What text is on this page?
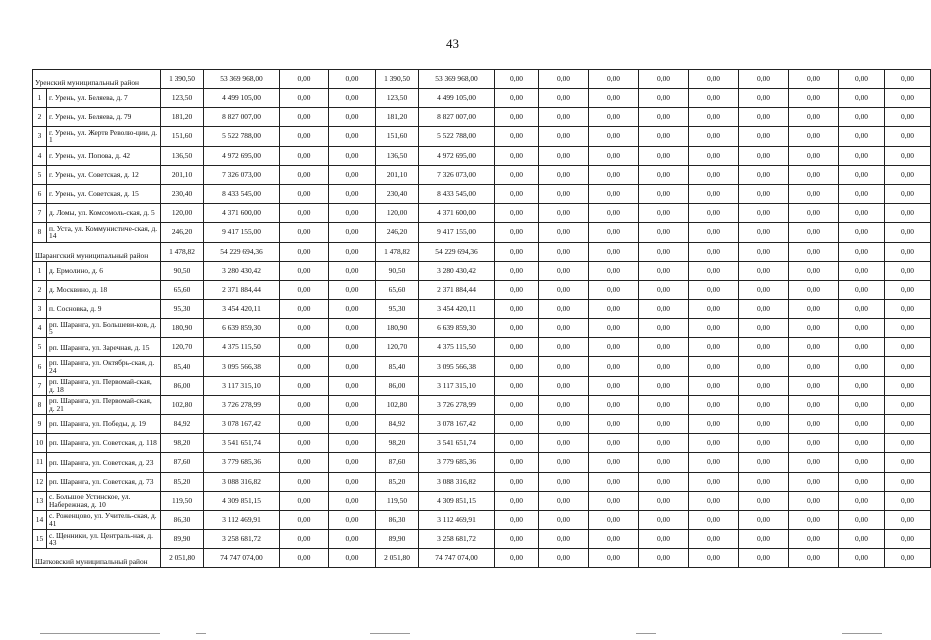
43
Уренский муниципальный район		1 390,50	53 369 968,00	0,00	0,00	1 390,50	53 369 968,00	0,00	0,00	0,00	0,00	0,00	0,00	0,00	0,00	0,00
1	г. Урень, ул. Беляева, д. 7	123,50	4 499 105,00	0,00	0,00	123,50	4 499 105,00	0,00	0,00	0,00	0,00	0,00	0,00	0,00	0,00	0,00
2	г. Урень, ул. Беляева, д. 79	181,20	8 827 007,00	0,00	0,00	181,20	8 827 007,00	0,00	0,00	0,00	0,00	0,00	0,00	0,00	0,00	0,00
3	г. Урень, ул. Жертв Револю-ции, д. 1	151,60	5 522 788,00	0,00	0,00	151,60	5 522 788,00	0,00	0,00	0,00	0,00	0,00	0,00	0,00	0,00	0,00
4	г. Урень, ул. Попова, д. 42	136,50	4 972 695,00	0,00	0,00	136,50	4 972 695,00	0,00	0,00	0,00	0,00	0,00	0,00	0,00	0,00	0,00
5	г. Урень, ул. Советская, д. 12	201,10	7 326 073,00	0,00	0,00	201,10	7 326 073,00	0,00	0,00	0,00	0,00	0,00	0,00	0,00	0,00	0,00
6	г. Урень, ул. Советская, д. 15	230,40	8 433 545,00	0,00	0,00	230,40	8 433 545,00	0,00	0,00	0,00	0,00	0,00	0,00	0,00	0,00	0,00
7	д. Ломы, ул. Комсомоль-ская, д. 5	120,00	4 371 600,00	0,00	0,00	120,00	4 371 600,00	0,00	0,00	0,00	0,00	0,00	0,00	0,00	0,00	0,00
8	п. Уста, ул. Коммунистиче-ская, д. 14	246,20	9 417 155,00	0,00	0,00	246,20	9 417 155,00	0,00	0,00	0,00	0,00	0,00	0,00	0,00	0,00	0,00
Шарангский муниципальный район		1 478,82	54 229 694,36	0,00	0,00	1 478,82	54 229 694,36	0,00	0,00	0,00	0,00	0,00	0,00	0,00	0,00	0,00
1	д. Ермолино, д. 6	90,50	3 280 430,42	0,00	0,00	90,50	3 280 430,42	0,00	0,00	0,00	0,00	0,00	0,00	0,00	0,00	0,00
2	д. Москвино, д. 18	65,60	2 371 884,44	0,00	0,00	65,60	2 371 884,44	0,00	0,00	0,00	0,00	0,00	0,00	0,00	0,00	0,00
3	п. Сосновка, д. 9	95,30	3 454 420,11	0,00	0,00	95,30	3 454 420,11	0,00	0,00	0,00	0,00	0,00	0,00	0,00	0,00	0,00
4	рп. Шаранга, ул. Большеви-ков, д. 5	180,90	6 639 859,30	0,00	0,00	180,90	6 639 859,30	0,00	0,00	0,00	0,00	0,00	0,00	0,00	0,00	0,00
5	рп. Шаранга, ул. Заречная, д. 15	120,70	4 375 115,50	0,00	0,00	120,70	4 375 115,50	0,00	0,00	0,00	0,00	0,00	0,00	0,00	0,00	0,00
6	рп. Шаранга, ул. Октябрь-ская, д. 24	85,40	3 095 566,38	0,00	0,00	85,40	3 095 566,38	0,00	0,00	0,00	0,00	0,00	0,00	0,00	0,00	0,00
7	рп. Шаранга, ул. Первомай-ская, д. 18	86,00	3 117 315,10	0,00	0,00	86,00	3 117 315,10	0,00	0,00	0,00	0,00	0,00	0,00	0,00	0,00	0,00
8	рп. Шаранга, ул. Первомай-ская, д. 21	102,80	3 726 278,99	0,00	0,00	102,80	3 726 278,99	0,00	0,00	0,00	0,00	0,00	0,00	0,00	0,00	0,00
9	рп. Шаранга, ул. Победы, д. 19	84,92	3 078 167,42	0,00	0,00	84,92	3 078 167,42	0,00	0,00	0,00	0,00	0,00	0,00	0,00	0,00	0,00
10	рп. Шаранга, ул. Советская, д. 118	98,20	3 541 651,74	0,00	0,00	98,20	3 541 651,74	0,00	0,00	0,00	0,00	0,00	0,00	0,00	0,00	0,00
11	рп. Шаранга, ул. Советская, д. 23	87,60	3 779 685,36	0,00	0,00	87,60	3 779 685,36	0,00	0,00	0,00	0,00	0,00	0,00	0,00	0,00	0,00
12	рп. Шаранга, ул. Советская, д. 73	85,20	3 088 316,82	0,00	0,00	85,20	3 088 316,82	0,00	0,00	0,00	0,00	0,00	0,00	0,00	0,00	0,00
13	с. Большое Устинское, ул. Набережная, д. 10	119,50	4 309 851,15	0,00	0,00	119,50	4 309 851,15	0,00	0,00	0,00	0,00	0,00	0,00	0,00	0,00	0,00
14	с. Роженцово, ул. Учитель-ская, д. 41	86,30	3 112 469,91	0,00	0,00	86,30	3 112 469,91	0,00	0,00	0,00	0,00	0,00	0,00	0,00	0,00	0,00
15	с. Щенники, ул. Централь-ная, д. 43	89,90	3 258 681,72	0,00	0,00	89,90	3 258 681,72	0,00	0,00	0,00	0,00	0,00	0,00	0,00	0,00	0,00
Шатковский муниципальный район		2 051,80	74 747 074,00	0,00	0,00	2 051,80	74 747 074,00	0,00	0,00	0,00	0,00	0,00	0,00	0,00	0,00	0,00
